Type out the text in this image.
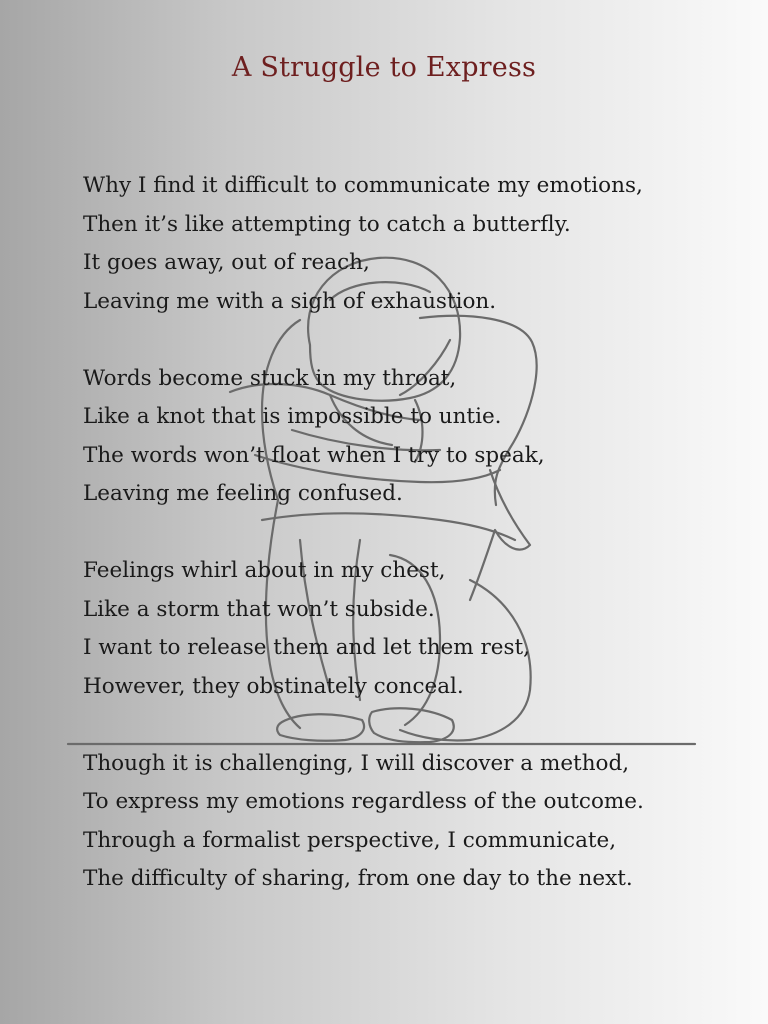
A Struggle to Express
Why I find it difficult to communicate my emotions,
Then it’s like attempting to catch a butterfly.
It goes away, out of reach,
Leaving me with a sigh of exhaustion.
Words become stuck in my throat,
Like a knot that is impossible to untie.
The words won’t float when I try to speak,
Leaving me feeling confused.
Feelings whirl about in my chest,
Like a storm that won’t subside.
I want to release them and let them rest,
However, they obstinately conceal.
Though it is challenging, I will discover a method,
To express my emotions regardless of the outcome.
Through a formalist perspective, I communicate,
The difficulty of sharing, from one day to the next.
